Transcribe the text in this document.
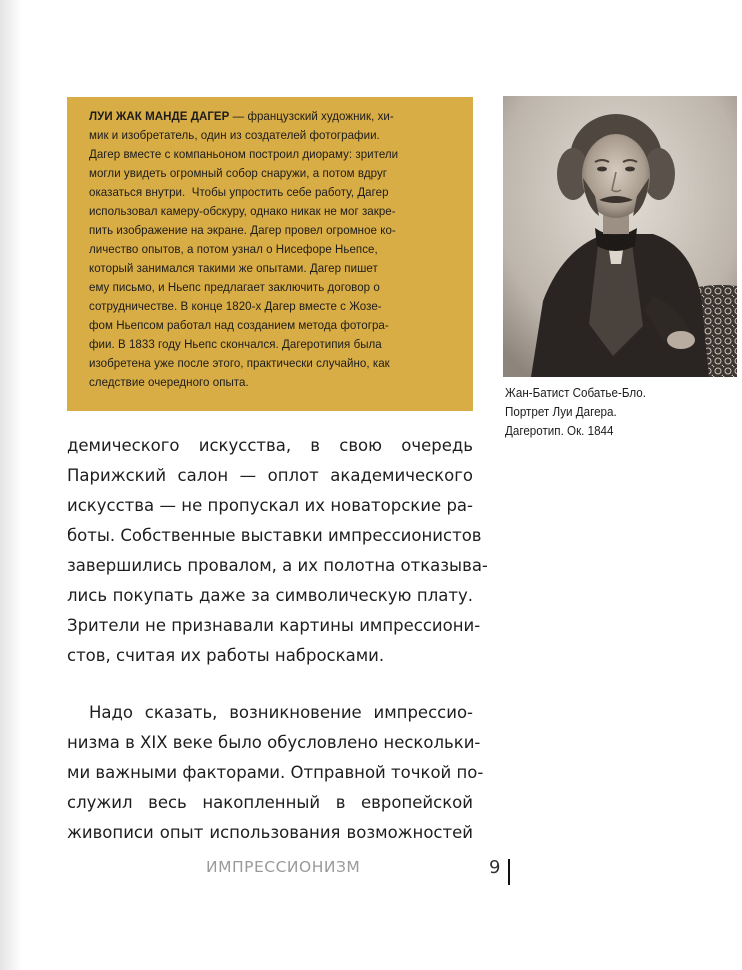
ЛУИ ЖАК МАНДЕ ДАГЕР — французский художник, хи-
мик и изобретатель, один из создателей фотографии.
Дагер вместе с компаньоном построил диораму: зрители
могли увидеть огромный собор снаружи, а потом вдруг
оказаться внутри.  Чтобы упростить себе работу, Дагер
использовал камеру-обскуру, однако никак не мог закре-
пить изображение на экране. Дагер провел огромное ко-
личество опытов, а потом узнал о Нисефоре Ньепсе,
который занимался такими же опытами. Дагер пишет
ему письмо, и Ньепс предлагает заключить договор о
сотрудничестве. В конце 1820-х Дагер вместе с Жозе-
фом Ньепсом работал над созданием метода фотогра-
фии. В 1833 году Ньепс скончался. Дагеротипия была
изобретена уже после этого, практически случайно, как
следствие очередного опыта.
Жан-Батист Собатье-Бло.
Портрет Луи Дагера.
Дагеротип. Ок. 1844
демического искусства, в свою очередь
Парижский салон — оплот академического
искусства — не пропускал их новаторские ра-
боты. Собственные выставки импрессионистов
завершились провалом, а их полотна отказыва-
лись покупать даже за символическую плату.
Зрители не признавали картины импрессиони-
стов, считая их работы набросками.
Надо сказать, возникновение импрессио-
низма в XIX веке было обусловлено нескольки-
ми важными факторами. Отправной точкой по-
служил весь накопленный в европейской
живописи опыт использования возможностей
ИМПРЕССИОНИЗМ	9
